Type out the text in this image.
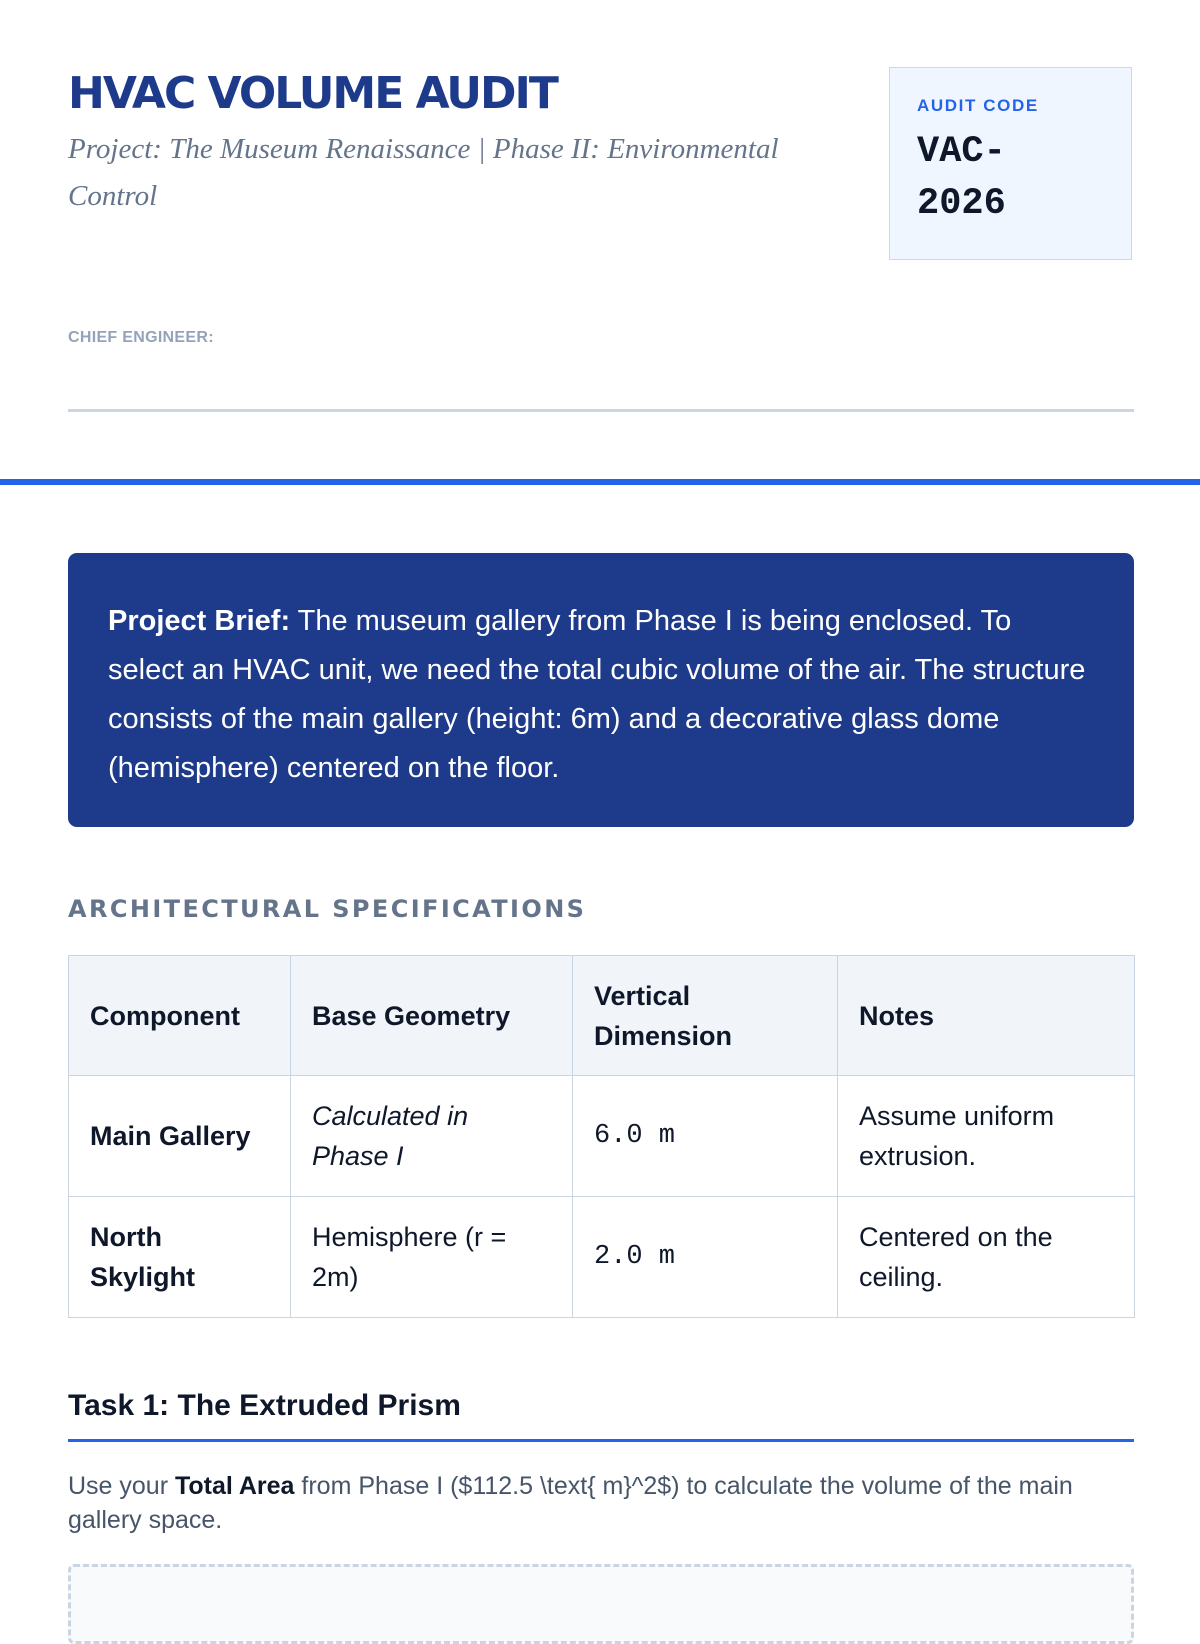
HVAC VOLUME AUDIT

Project: The Museum Renaissance | Phase II: Environmental Control

AUDIT CODE
VAC-2026
CHIEF ENGINEER:
Project Brief: The museum gallery from Phase I is being enclosed. To select an HVAC unit, we need the total cubic volume of the air. The structure consists of the main gallery (height: 6m) and a decorative glass dome (hemisphere) centered on the floor.
ARCHITECTURAL SPECIFICATIONS
Component	Base Geometry	Vertical Dimension	Notes
Main Gallery	Calculated in Phase I	6.0 m	Assume uniform extrusion.
North Skylight	Hemisphere (r = 2m)	2.0 m	Centered on the ceiling.
Task 1: The Extruded Prism

Use your Total Area from Phase I ($112.5 \text{ m}^2$) to calculate the volume of the main gallery space.
